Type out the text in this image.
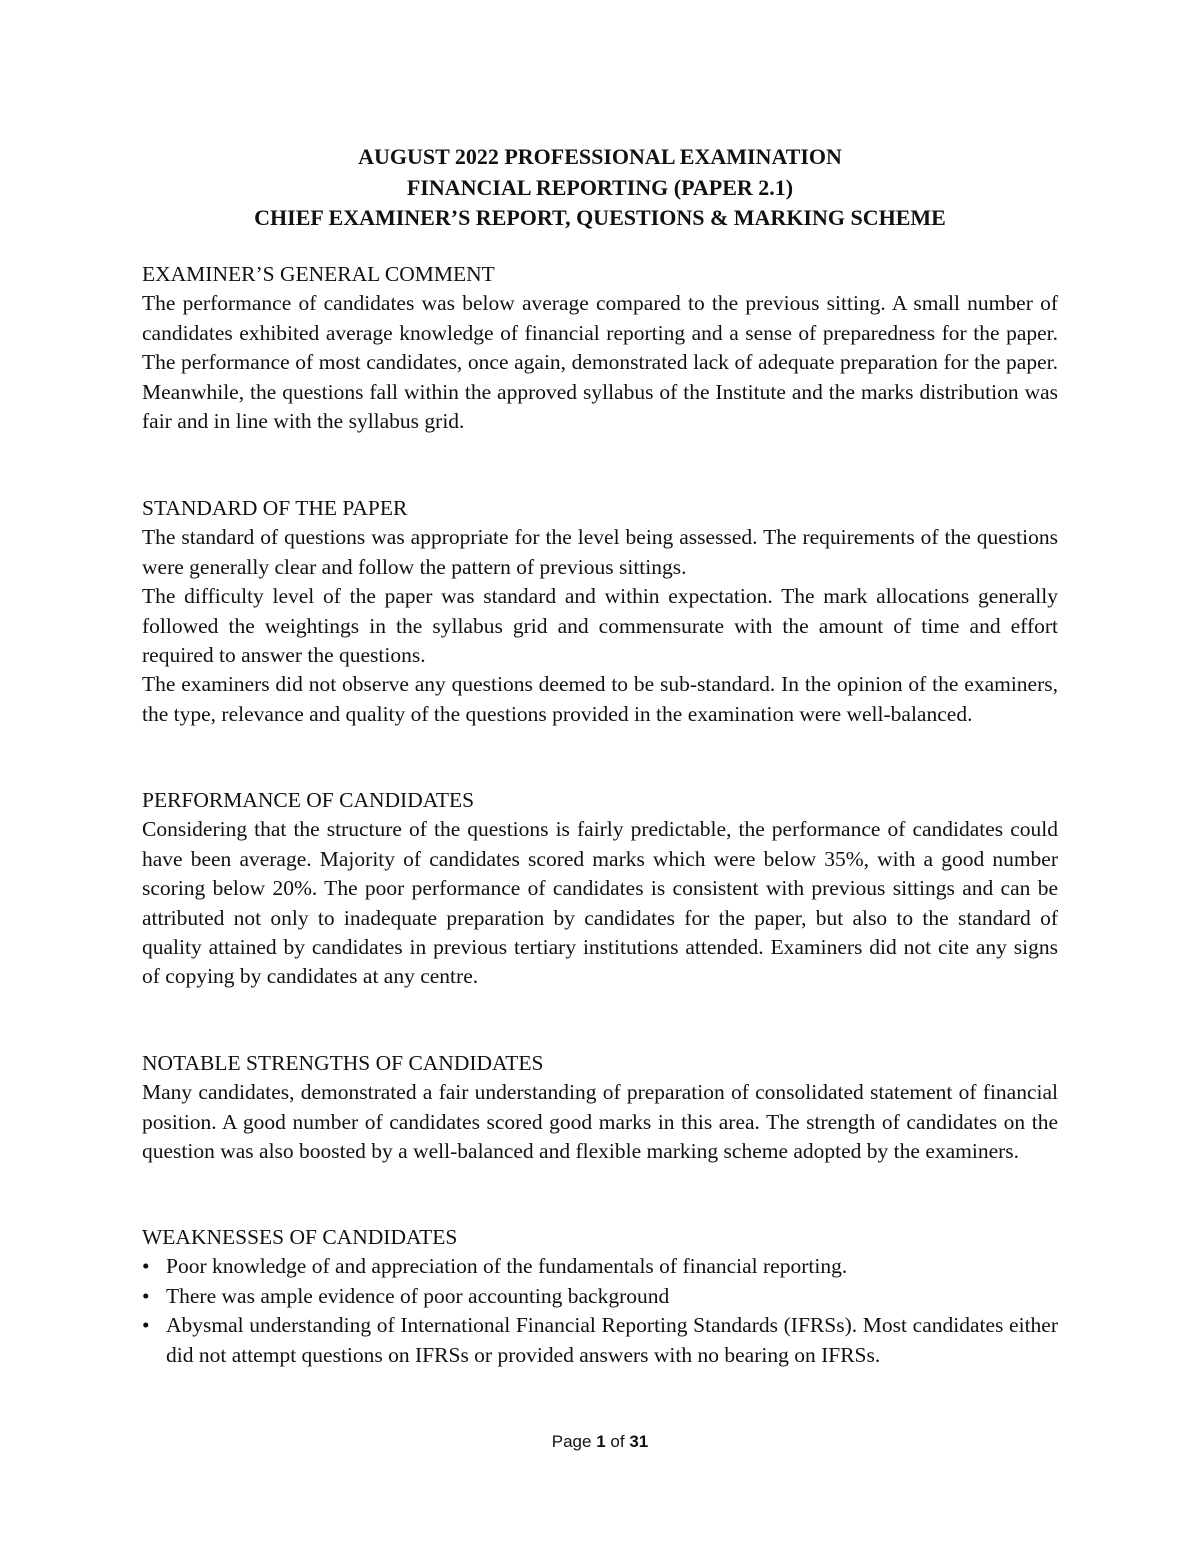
AUGUST 2022 PROFESSIONAL EXAMINATION
FINANCIAL REPORTING (PAPER 2.1)
CHIEF EXAMINER’S REPORT, QUESTIONS & MARKING SCHEME
EXAMINER’S GENERAL COMMENT

The performance of candidates was below average compared to the previous sitting. A small number of candidates exhibited average knowledge of financial reporting and a sense of preparedness for the paper. The performance of most candidates, once again, demonstrated lack of adequate preparation for the paper. Meanwhile, the questions fall within the approved syllabus of the Institute and the marks distribution was fair and in line with the syllabus grid.

STANDARD OF THE PAPER

The standard of questions was appropriate for the level being assessed. The requirements of the questions were generally clear and follow the pattern of previous sittings.

The difficulty level of the paper was standard and within expectation. The mark allocations generally followed the weightings in the syllabus grid and commensurate with the amount of time and effort required to answer the questions.

The examiners did not observe any questions deemed to be sub-standard. In the opinion of the examiners, the type, relevance and quality of the questions provided in the examination were well-balanced.

PERFORMANCE OF CANDIDATES

Considering that the structure of the questions is fairly predictable, the performance of candidates could have been average. Majority of candidates scored marks which were below 35%, with a good number scoring below 20%. The poor performance of candidates is consistent with previous sittings and can be attributed not only to inadequate preparation by candidates for the paper, but also to the standard of quality attained by candidates in previous tertiary institutions attended. Examiners did not cite any signs of copying by candidates at any centre.

NOTABLE STRENGTHS OF CANDIDATES

Many candidates, demonstrated a fair understanding of preparation of consolidated statement of financial position. A good number of candidates scored good marks in this area. The strength of candidates on the question was also boosted by a well-balanced and flexible marking scheme adopted by the examiners.

WEAKNESSES OF CANDIDATES
• Poor knowledge of and appreciation of the fundamentals of financial reporting.
• There was ample evidence of poor accounting background
• Abysmal understanding of International Financial Reporting Standards (IFRSs). Most candidates either did not attempt questions on IFRSs or provided answers with no bearing on IFRSs.
Page 1 of 31
